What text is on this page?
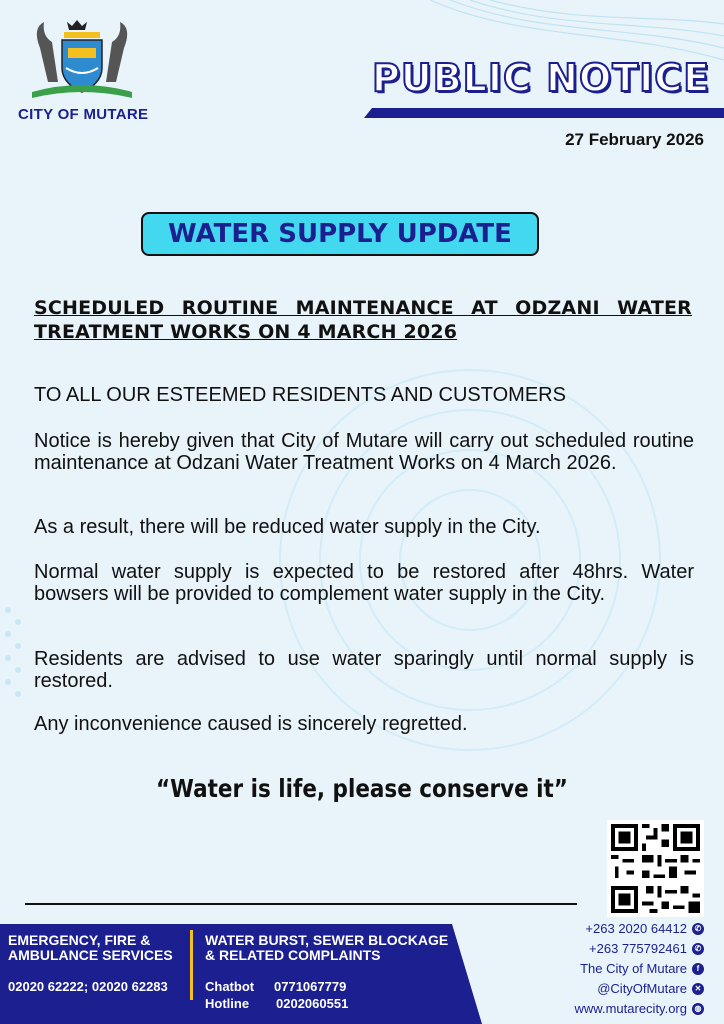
CITY OF MUTARE
PUBLIC NOTICE
27 February 2026
WATER SUPPLY UPDATE
SCHEDULED ROUTINE MAINTENANCE AT ODZANI WATER TREATMENT WORKS ON 4 MARCH 2026
TO ALL OUR ESTEEMED RESIDENTS AND CUSTOMERS
Notice is hereby given that City of Mutare will carry out scheduled routine maintenance at Odzani Water Treatment Works on 4 March 2026.
As a result, there will be reduced water supply in the City.
Normal water supply is expected to be restored after 48hrs. Water bowsers will be provided to complement water supply in the City.
Residents are advised to use water sparingly until normal supply is restored.
Any inconvenience caused is sincerely regretted.
“Water is life, please conserve it”
EMERGENCY, FIRE &
AMBULANCE SERVICES
02020 62222; 02020 62283
WATER BURST, SEWER BLOCKAGE
& RELATED COMPLAINTS
Chatbot 0771067779
Hotline 0202060551
+263 2020 64412 ✆
+263 775792461 ✆
The City of Mutare	f
@CityOfMutare ✕
www.mutarecity.org ◍
